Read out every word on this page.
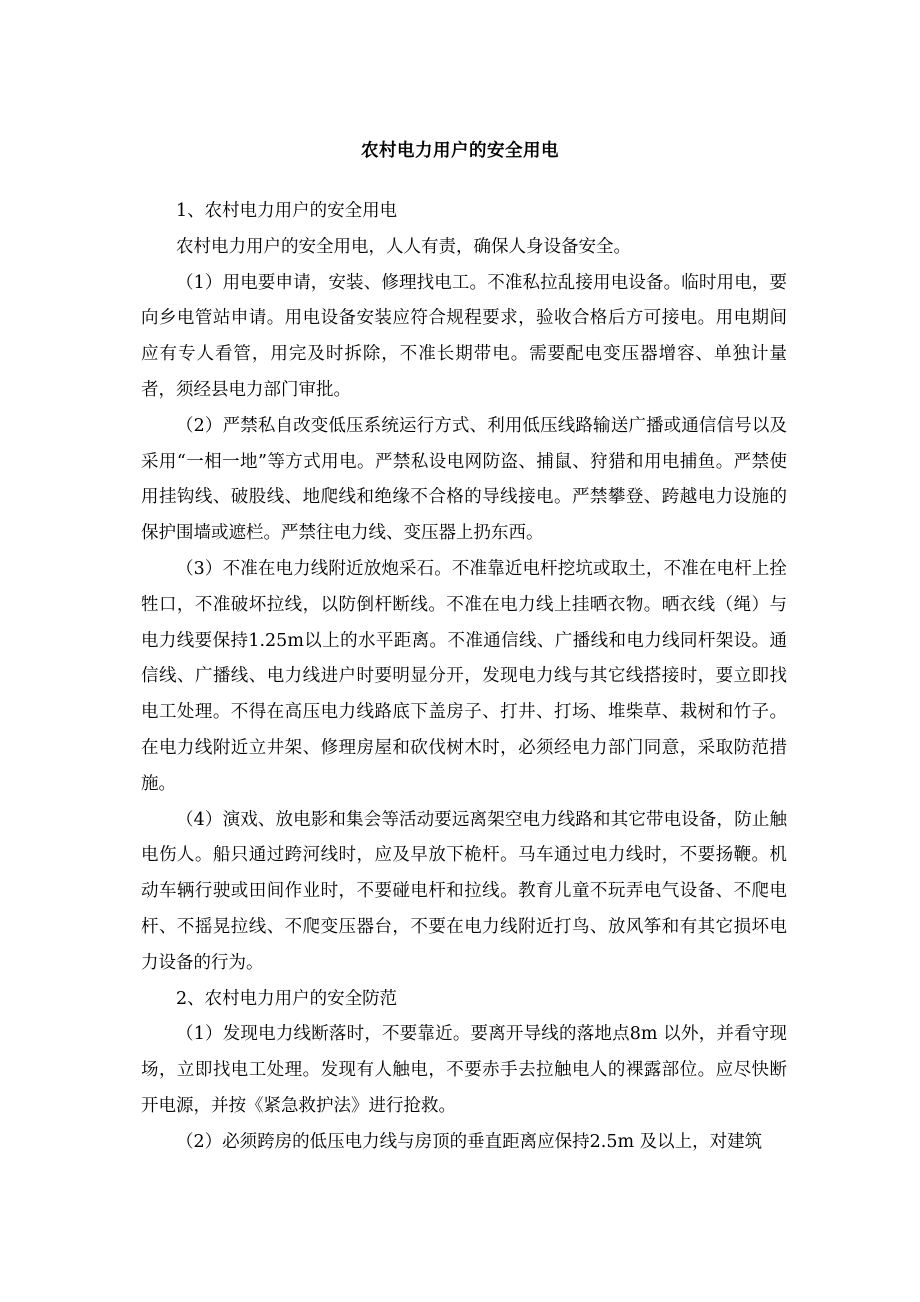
农村电力用户的安全用电

1、农村电力用户的安全用电

农村电力用户的安全用电，人人有责，确保人身设备安全。

（1）用电要申请，安装、修理找电工。不准私拉乱接用电设备。临时用电，要向乡电管站申请。用电设备安装应符合规程要求，验收合格后方可接电。用电期间应有专人看管，用完及时拆除，不准长期带电。需要配电变压器增容、单独计量者，须经县电力部门审批。

（2）严禁私自改变低压系统运行方式、利用低压线路输送广播或通信信号以及采用“一相一地”等方式用电。严禁私设电网防盗、捕鼠、狩猎和用电捕鱼。严禁使用挂钩线、破股线、地爬线和绝缘不合格的导线接电。严禁攀登、跨越电力设施的保护围墙或遮栏。严禁往电力线、变压器上扔东西。

（3）不准在电力线附近放炮采石。不准靠近电杆挖坑或取土，不准在电杆上拴牲口，不准破坏拉线，以防倒杆断线。不准在电力线上挂晒衣物。晒衣线（绳）与电力线要保持1.25m以上的水平距离。不准通信线、广播线和电力线同杆架设。通信线、广播线、电力线进户时要明显分开，发现电力线与其它线搭接时，要立即找电工处理。不得在高压电力线路底下盖房子、打井、打场、堆柴草、栽树和竹子。在电力线附近立井架、修理房屋和砍伐树木时，必须经电力部门同意，采取防范措施。

（4）演戏、放电影和集会等活动要远离架空电力线路和其它带电设备，防止触电伤人。船只通过跨河线时，应及早放下桅杆。马车通过电力线时，不要扬鞭。机动车辆行驶或田间作业时，不要碰电杆和拉线。教育儿童不玩弄电气设备、不爬电杆、不摇晃拉线、不爬变压器台，不要在电力线附近打鸟、放风筝和有其它损坏电力设备的行为。

2、农村电力用户的安全防范

（1）发现电力线断落时，不要靠近。要离开导线的落地点8m 以外，并看守现场，立即找电工处理。发现有人触电，不要赤手去拉触电人的裸露部位。应尽快断开电源，并按《紧急救护法》进行抢救。

（2）必须跨房的低压电力线与房顶的垂直距离应保持2.5m 及以上，对建筑
